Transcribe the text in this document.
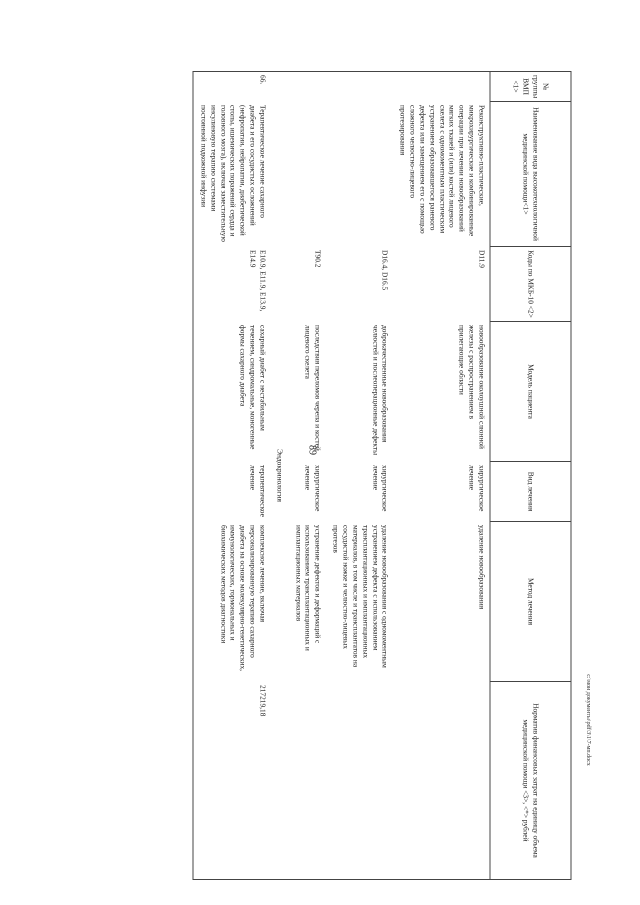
89
№ группы ВМП <1>	Наименование вида высокотехнологичной медицинской помощи<1>	Коды по МКБ-10 <2>	Модель пациента	Вид лечения	Метод лечения	Норматив финансовых затрат на единицу объема медицинской помощи <3>, <*> рублей
	Реконструктивно-пластические, микрохирургические и комбинированные операции при лечении новообразований мягких тканей и (или) костей лицевого скелета с одномоментным пластическим устранением образовавшегося раневого дефекта или замещением его с помощью сложного челюстно-лицевого протезирования	D11.9	новообразование околоушной слюнной железы с распространением в прилегающие области	хирургическое лечение	удаление новообразования	
		D16.4, D16.5	доброкачественные новообразования челюстей и послеоперационные дефекты	хирургическое лечение	удаление новообразования с одномоментным устранением дефекта с использованием трансплантационных и имплантационных материалов, в том числе и трансплантатов на сосудистой ножке и челюстно-лицевых протезов	
		T90.2	последствия переломов черепа и костей лицевого скелета	хирургическое лечение	устранение дефектов и деформаций с использованием трансплантационных и имплантационных материалов	
Эндокринология						
66.	Терапевтическое лечение сахарного диабета и его сосудистых осложнений (нефропатии, нейропатии, диабетической стопы, ишемических поражений сердца и головного мозга), включая заместительную инсулиновую терапию системами постоянной подкожной инфузии	E10.9, E11.9, E13.9, E14.9	сахарный диабет с нестабильным течением, синдромальные, моногенные формы сахарного диабета	терапевтическое лечение	комплексное лечение, включая персонализированную терапию сахарного диабета на основе молекулярно-генетических, иммунологических, гормональных и биохимических методов диагностики	217219,18	c:\мои документы\pdf\3\1\7-мп.docx
